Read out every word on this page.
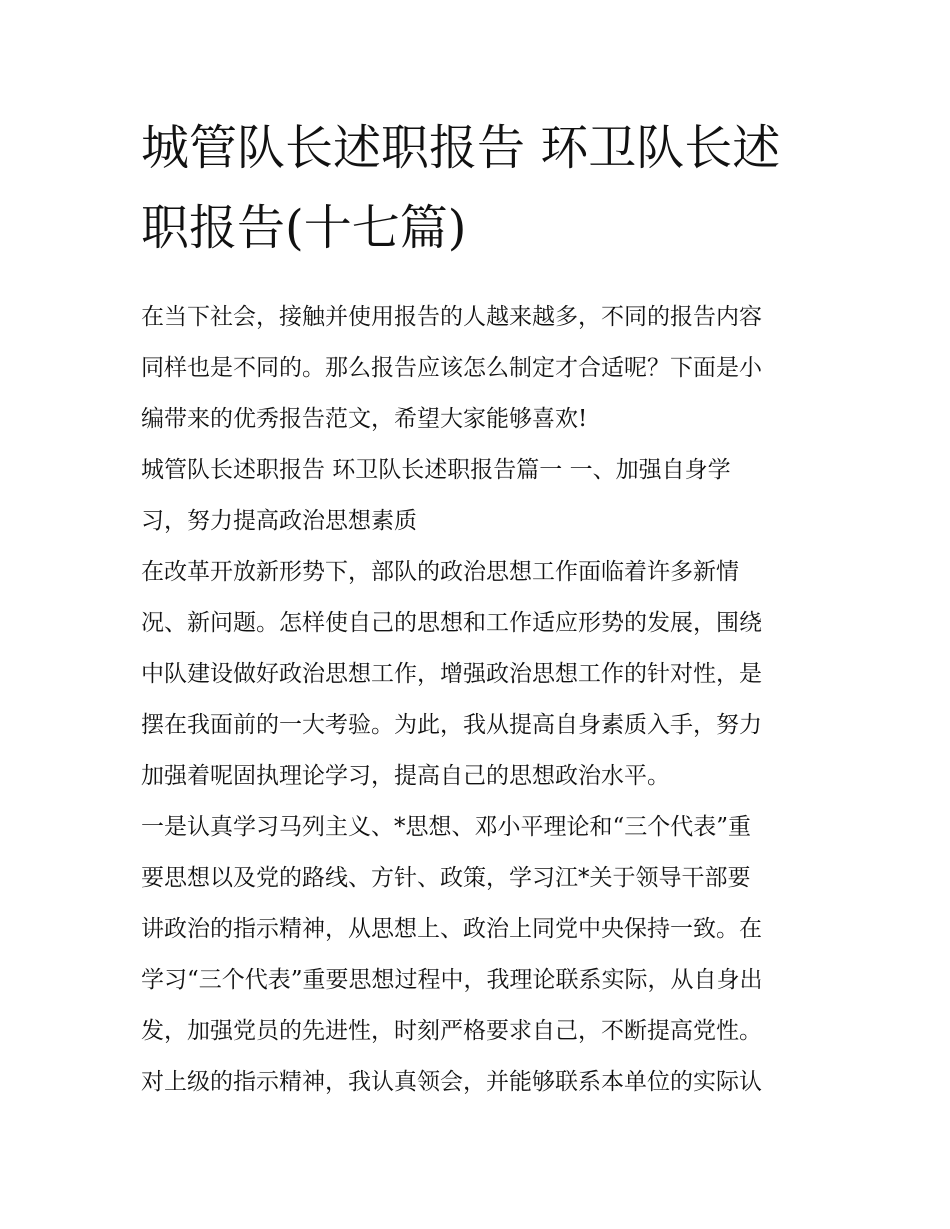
城管队长述职报告 环卫队长述
职报告(十七篇)

在当下社会，接触并使用报告的人越来越多，不同的报告内容
同样也是不同的。那么报告应该怎么制定才合适呢？下面是小
编带来的优秀报告范文，希望大家能够喜欢!

城管队长述职报告 环卫队长述职报告篇一 一、加强自身学
习，努力提高政治思想素质

在改革开放新形势下，部队的政治思想工作面临着许多新情
况、新问题。怎样使自己的思想和工作适应形势的发展，围绕
中队建设做好政治思想工作，增强政治思想工作的针对性，是
摆在我面前的一大考验。为此，我从提高自身素质入手，努力
加强着呢固执理论学习，提高自己的思想政治水平。

一是认真学习马列主义、*思想、邓小平理论和“三个代表”重
要思想以及党的路线、方针、政策，学习江*关于领导干部要
讲政治的指示精神，从思想上、政治上同党中央保持一致。在
学习“三个代表”重要思想过程中，我理论联系实际，从自身出
发，加强党员的先进性，时刻严格要求自己，不断提高党性。
对上级的指示精神，我认真领会，并能够联系本单位的实际认
